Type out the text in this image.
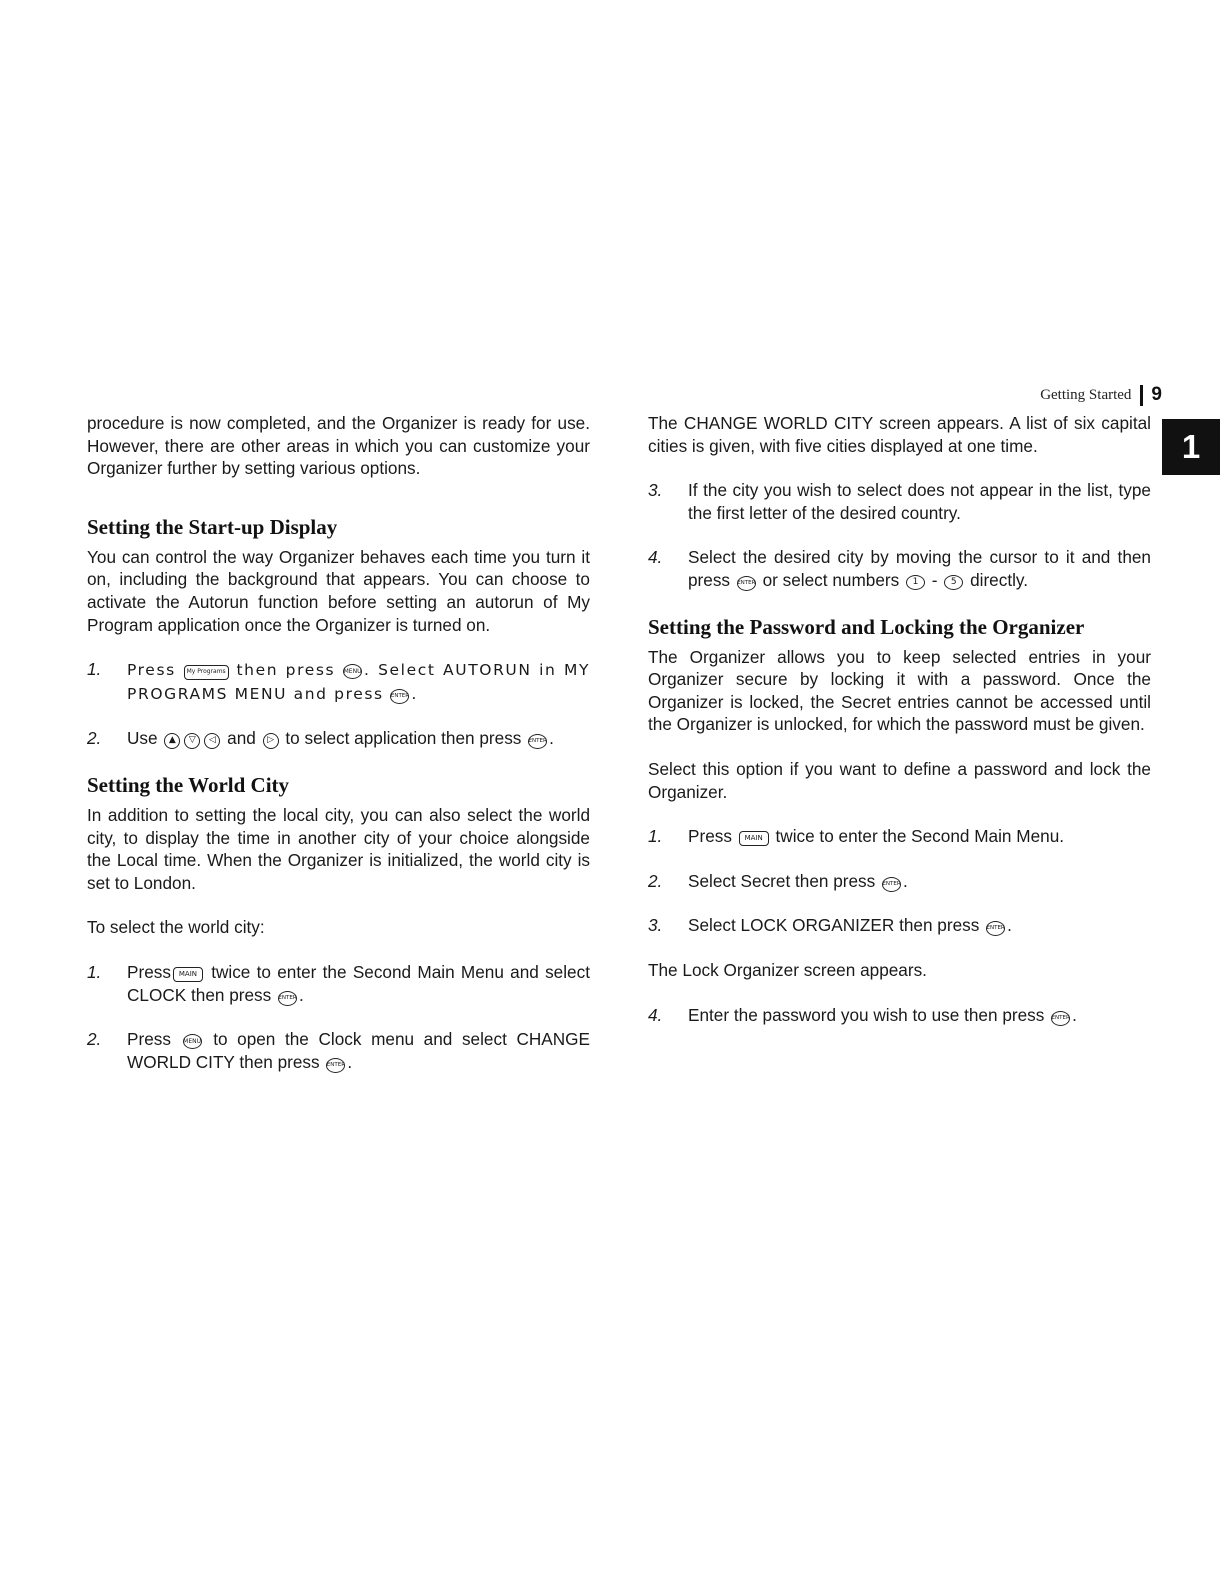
Getting Started 9
1

procedure is now completed, and the Organizer is ready for use. However, there are other areas in which you can customize your Organizer further by setting various options.

Setting the Start-up Display

You can control the way Organizer behaves each time you turn it on, including the background that appears. You can choose to activate the Autorun function before setting an autorun of My Program application once the Organizer is turned on.

1.	Press My Programs then press MENU . Select AUTORUN in MY PROGRAMS MENU and press ENTER .
2.	Use ▲ ▽ ◁ and ▷ to select application then press ENTER .
Setting the World City

In addition to setting the local city, you can also select the world city, to display the time in another city of your choice alongside the Local time. When the Organizer is initialized, the world city is set to London.

To select the world city:

1.	Press MAIN twice to enter the Second Main Menu and select CLOCK then press ENTER .
2.	Press MENU to open the Clock menu and select CHANGE WORLD CITY then press ENTER .

The CHANGE WORLD CITY screen appears. A list of six capital cities is given, with five cities displayed at one time.

3.	If the city you wish to select does not appear in the list, type the first letter of the desired country.
4.	Select the desired city by moving the cursor to it and then press ENTER or select numbers 1 - 5 directly.
Setting the Password and Locking the Organizer

The Organizer allows you to keep selected entries in your Organizer secure by locking it with a password. Once the Organizer is locked, the Secret entries cannot be accessed until the Organizer is unlocked, for which the password must be given.

Select this option if you want to define a password and lock the Organizer.

1.	Press MAIN twice to enter the Second Main Menu.
2.	Select Secret then press ENTER .
3.	Select LOCK ORGANIZER then press ENTER .

The Lock Organizer screen appears.

4.	Enter the password you wish to use then press ENTER .
